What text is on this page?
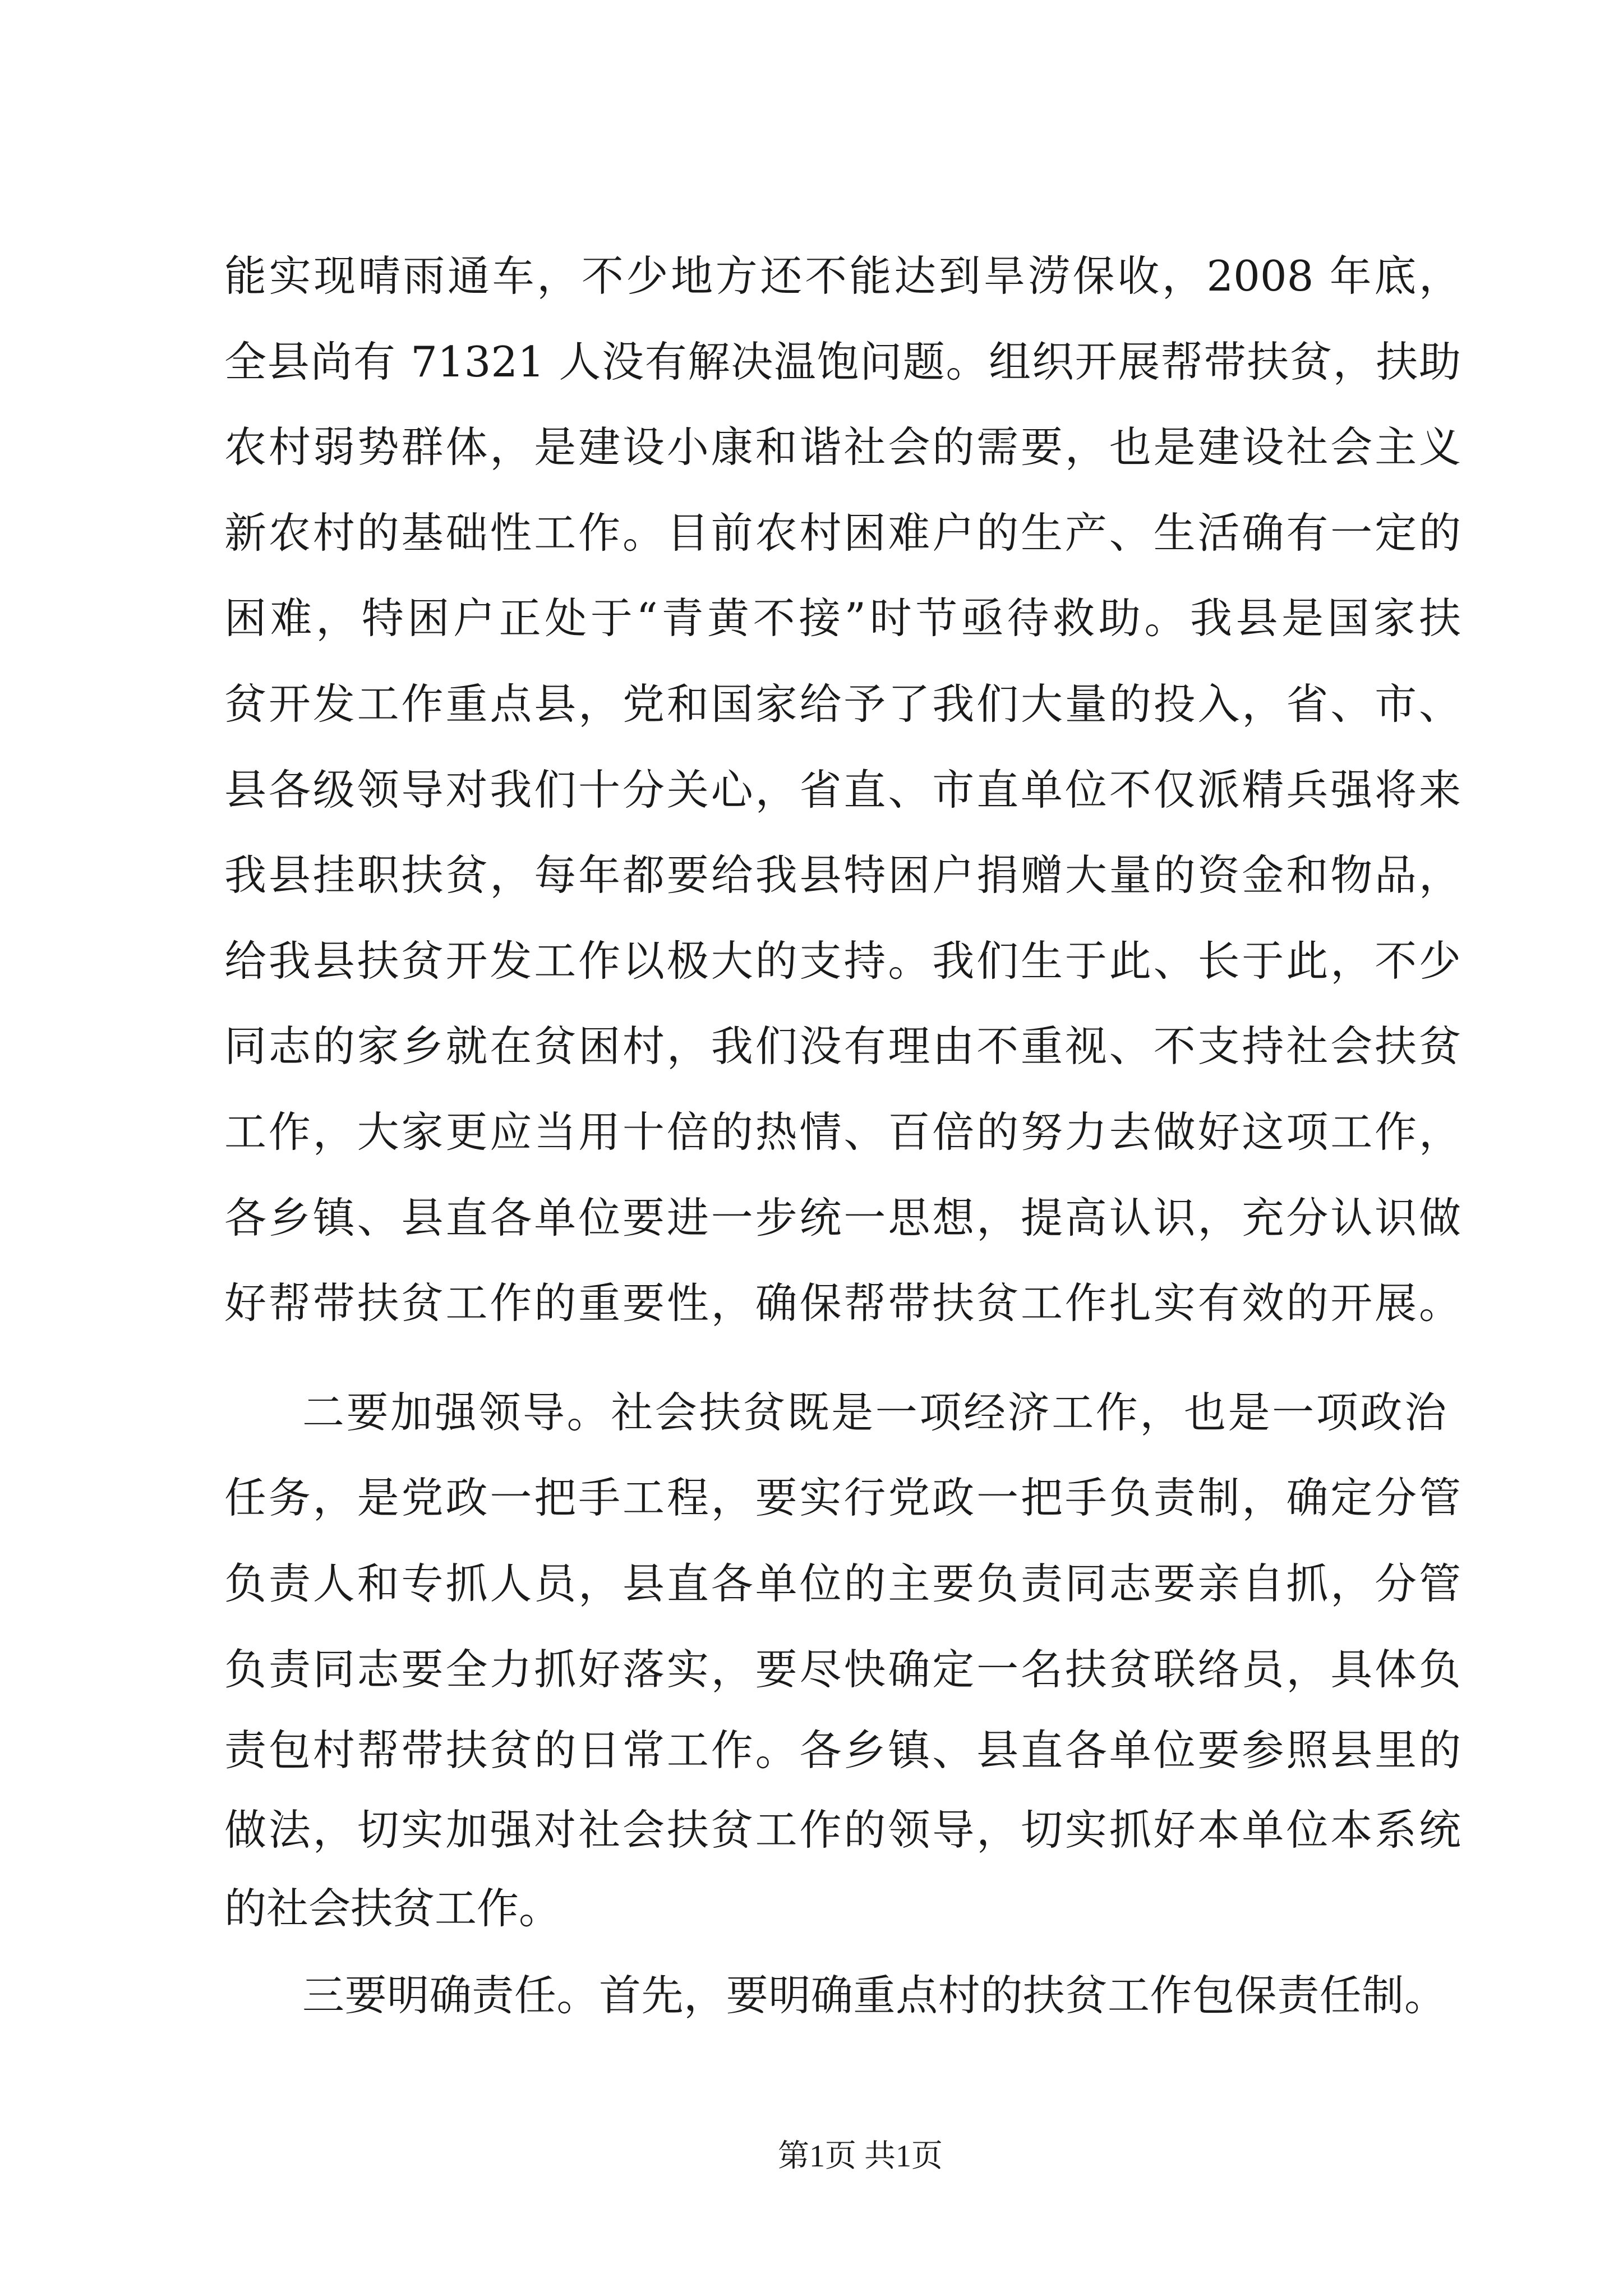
能实现晴雨通车，不少地方还不能达到旱涝保收，2008 年底，
全县尚有 71321 人没有解决温饱问题。组织开展帮带扶贫，扶助
农村弱势群体，是建设小康和谐社会的需要，也是建设社会主义
新农村的基础性工作。目前农村困难户的生产、生活确有一定的
困难，特困户正处于“青黄不接”时节亟待救助。我县是国家扶
贫开发工作重点县，党和国家给予了我们大量的投入，省、市、
县各级领导对我们十分关心，省直、市直单位不仅派精兵强将来
我县挂职扶贫，每年都要给我县特困户捐赠大量的资金和物品，
给我县扶贫开发工作以极大的支持。我们生于此、长于此，不少
同志的家乡就在贫困村，我们没有理由不重视、不支持社会扶贫
工作，大家更应当用十倍的热情、百倍的努力去做好这项工作，
各乡镇、县直各单位要进一步统一思想，提高认识，充分认识做
好帮带扶贫工作的重要性，确保帮带扶贫工作扎实有效的开展。
二要加强领导。社会扶贫既是一项经济工作，也是一项政治
任务，是党政一把手工程，要实行党政一把手负责制，确定分管
负责人和专抓人员，县直各单位的主要负责同志要亲自抓，分管
负责同志要全力抓好落实，要尽快确定一名扶贫联络员，具体负
责包村帮带扶贫的日常工作。各乡镇、县直各单位要参照县里的
做法，切实加强对社会扶贫工作的领导，切实抓好本单位本系统
的社会扶贫工作。
三要明确责任。首先，要明确重点村的扶贫工作包保责任制。
第1页 共1页
